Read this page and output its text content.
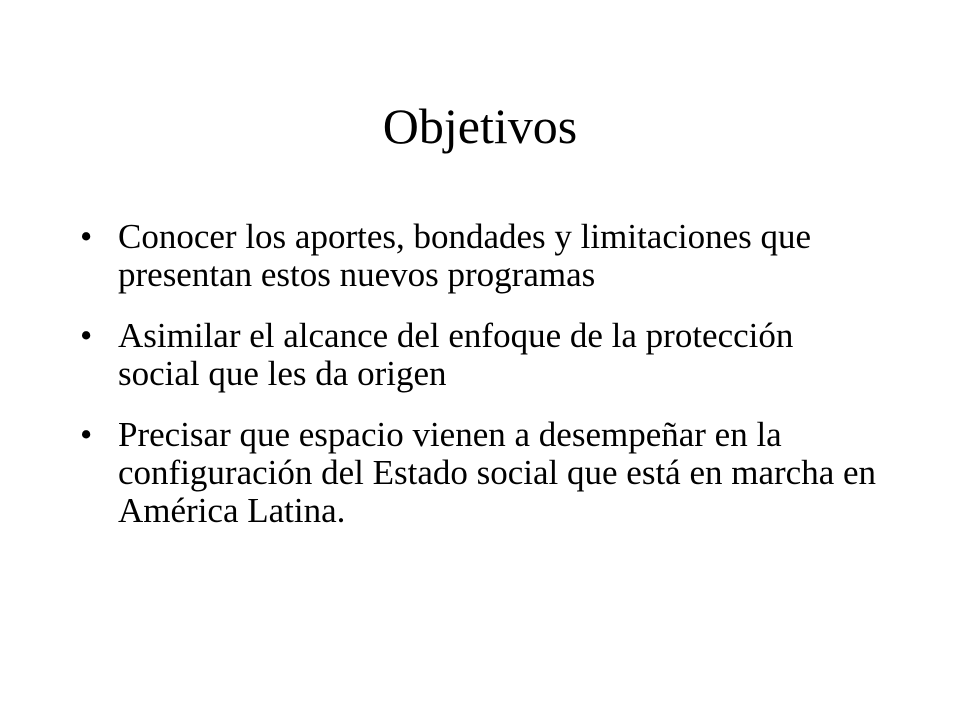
Objetivos
• Conocer los aportes, bondades y limitaciones que presentan estos nuevos programas
• Asimilar el alcance del enfoque de la protección social que les da origen
• Precisar que espacio vienen a desempeñar en la configuración del Estado social que está en marcha en América Latina.
